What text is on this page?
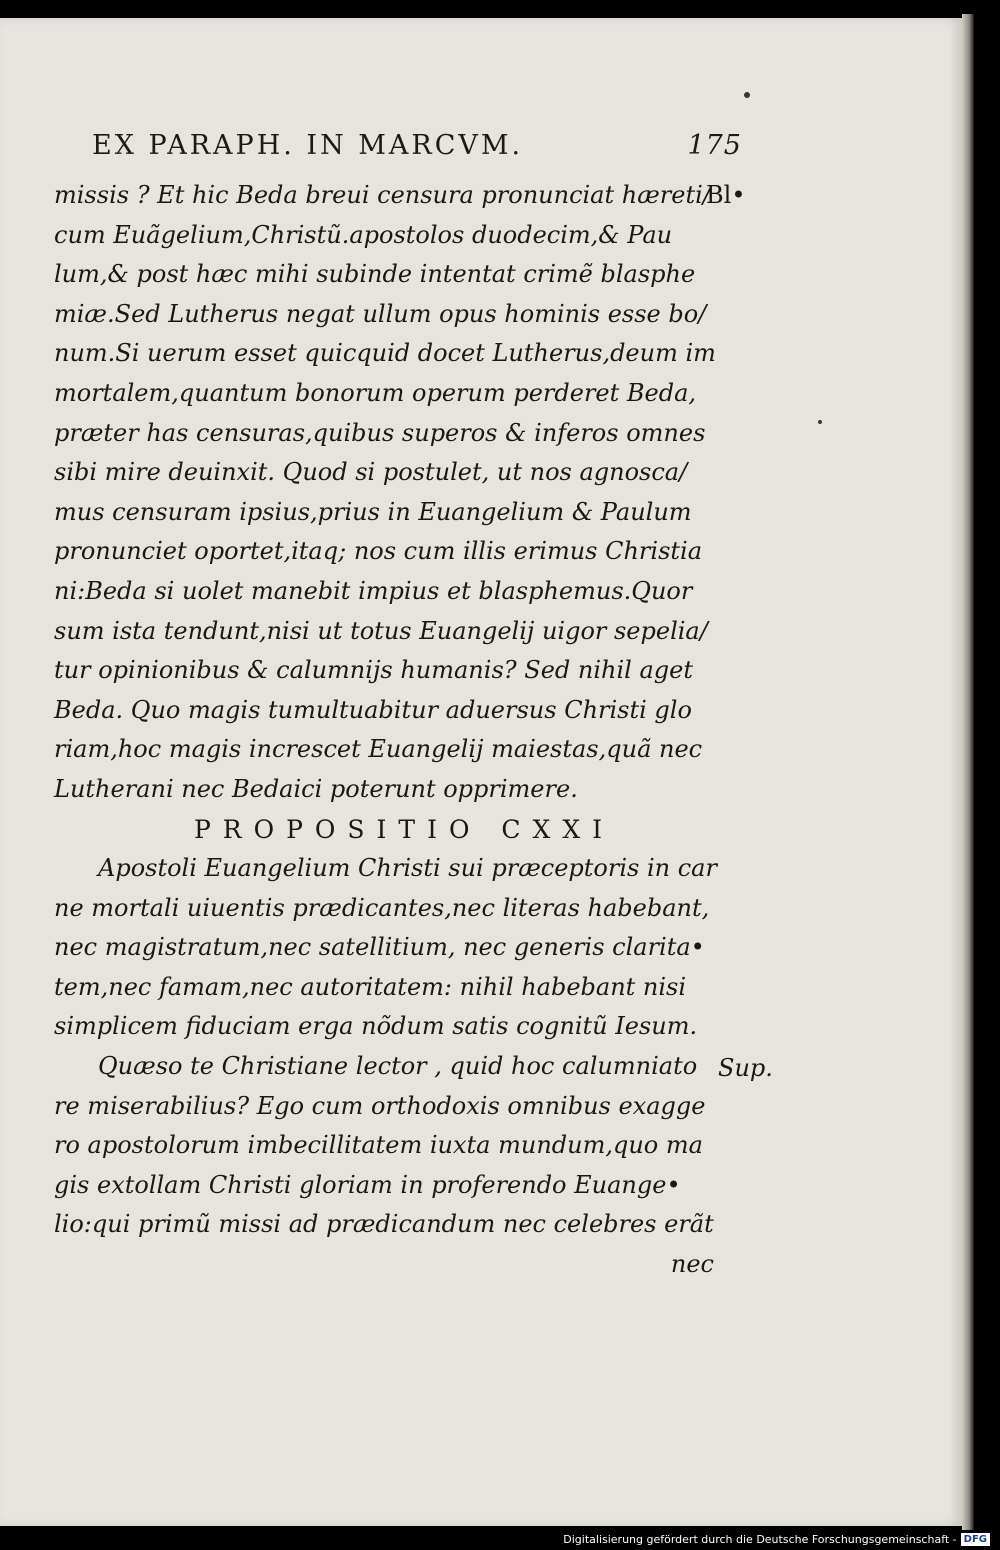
EX PARAPH. IN MARCVM.	175
missis ? Et hic Beda breui censura pronunciat hæreti/
cum Euãgelium,Christũ.apostolos duodecim,& Pau
lum,& post hæc mihi subinde intentat crimẽ blasphe
miæ.Sed Lutherus negat ullum opus hominis esse bo/
num.Si uerum esset quicquid docet Lutherus,deum im
mortalem,quantum bonorum operum perderet Beda,
præter has censuras,quibus superos & inferos omnes
sibi mire deuinxit. Quod si postulet, ut nos agnosca/
mus censuram ipsius,prius in Euangelium & Paulum
pronunciet oportet,itaq; nos cum illis erimus Christia
ni:Beda si uolet manebit impius et blasphemus.Quor
sum ista tendunt,nisi ut totus Euangelij uigor sepelia/
tur opinionibus & calumnijs humanis? Sed nihil aget
Beda. Quo magis tumultuabitur aduersus Christi glo
riam,hoc magis increscet Euangelij maiestas,quã nec
Lutherani nec Bedaici poterunt opprimere.
PROPOSITIO CXXI
Apostoli Euangelium Christi sui præceptoris in car
ne mortali uiuentis prædicantes,nec literas habebant,
nec magistratum,nec satellitium, nec generis clarita•
tem,nec famam,nec autoritatem: nihil habebant nisi
simplicem fiduciam erga nõdum satis cognitũ Iesum.
Quæso te Christiane lector , quid hoc calumniato
re miserabilius? Ego cum orthodoxis omnibus exagge
ro apostolorum imbecillitatem iuxta mundum,quo ma
gis extollam Christi gloriam in proferendo Euange•
lio:qui primũ missi ad prædicandum nec celebres erãt
nec
Bl•
Sup.
Digitalisierung gefördert durch die Deutsche Forschungsgemeinschaft - DFG
